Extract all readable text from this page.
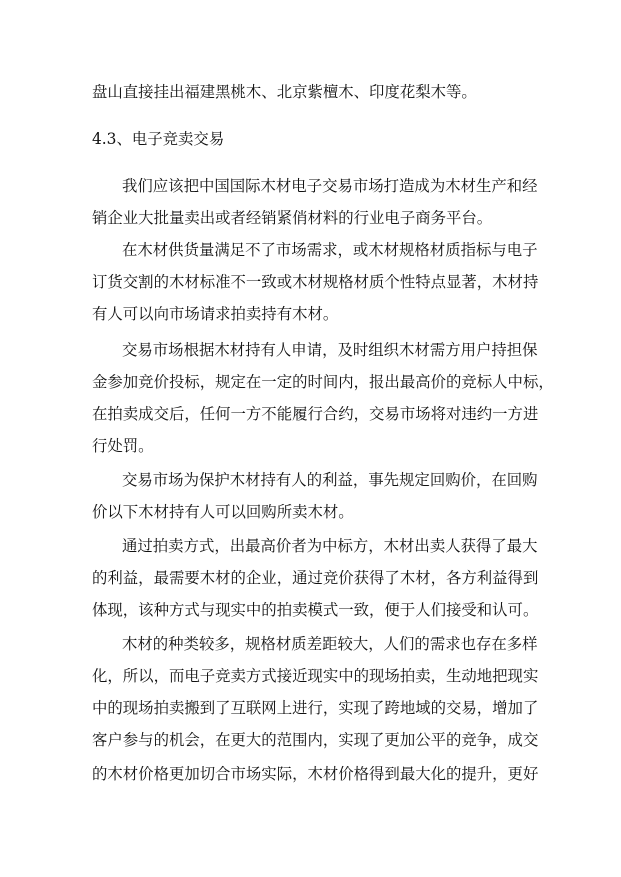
盘山直接挂出福建黑桃木、北京紫檀木、印度花梨木等。
4.3、电子竞卖交易
我们应该把中国国际木材电子交易市场打造成为木材生产和经
销企业大批量卖出或者经销紧俏材料的行业电子商务平台。
在木材供货量满足不了市场需求，或木材规格材质指标与电子
订货交割的木材标准不一致或木材规格材质个性特点显著，木材持
有人可以向市场请求拍卖持有木材。
交易市场根据木材持有人申请，及时组织木材需方用户持担保
金参加竞价投标，规定在一定的时间内，报出最高价的竞标人中标，
在拍卖成交后，任何一方不能履行合约，交易市场将对违约一方进
行处罚。
交易市场为保护木材持有人的利益，事先规定回购价，在回购
价以下木材持有人可以回购所卖木材。
通过拍卖方式，出最高价者为中标方，木材出卖人获得了最大
的利益，最需要木材的企业，通过竞价获得了木材，各方利益得到
体现，该种方式与现实中的拍卖模式一致，便于人们接受和认可。
木材的种类较多，规格材质差距较大，人们的需求也存在多样
化，所以，而电子竞卖方式接近现实中的现场拍卖，生动地把现实
中的现场拍卖搬到了互联网上进行，实现了跨地域的交易，增加了
客户参与的机会，在更大的范围内，实现了更加公平的竞争，成交
的木材价格更加切合市场实际，木材价格得到最大化的提升，更好
